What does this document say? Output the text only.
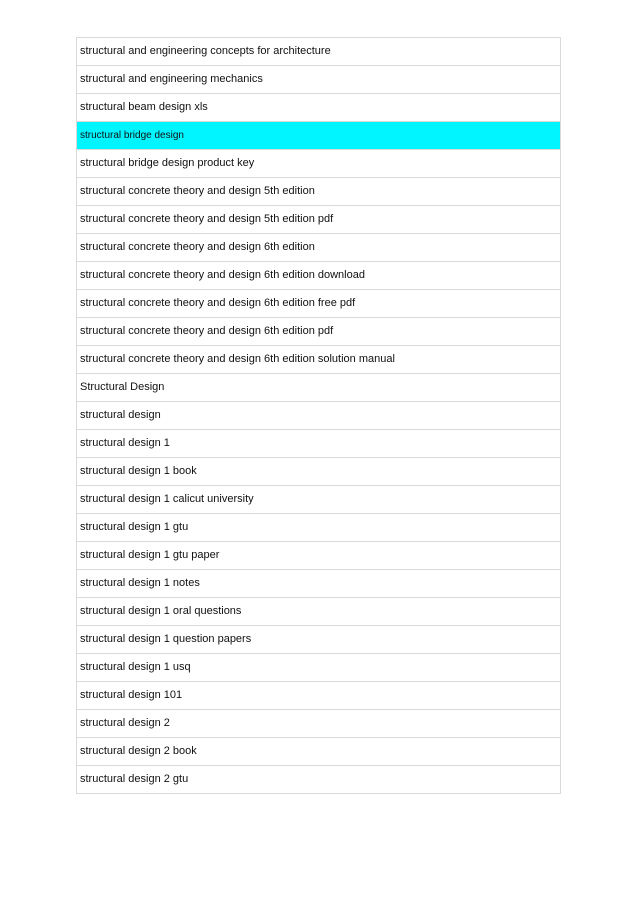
structural and engineering concepts for architecture
structural and engineering mechanics
structural beam design xls
structural bridge design
structural bridge design product key
structural concrete theory and design 5th edition
structural concrete theory and design 5th edition pdf
structural concrete theory and design 6th edition
structural concrete theory and design 6th edition download
structural concrete theory and design 6th edition free pdf
structural concrete theory and design 6th edition pdf
structural concrete theory and design 6th edition solution manual
Structural Design
structural design
structural design 1
structural design 1 book
structural design 1 calicut university
structural design 1 gtu
structural design 1 gtu paper
structural design 1 notes
structural design 1 oral questions
structural design 1 question papers
structural design 1 usq
structural design 101
structural design 2
structural design 2 book
structural design 2 gtu
